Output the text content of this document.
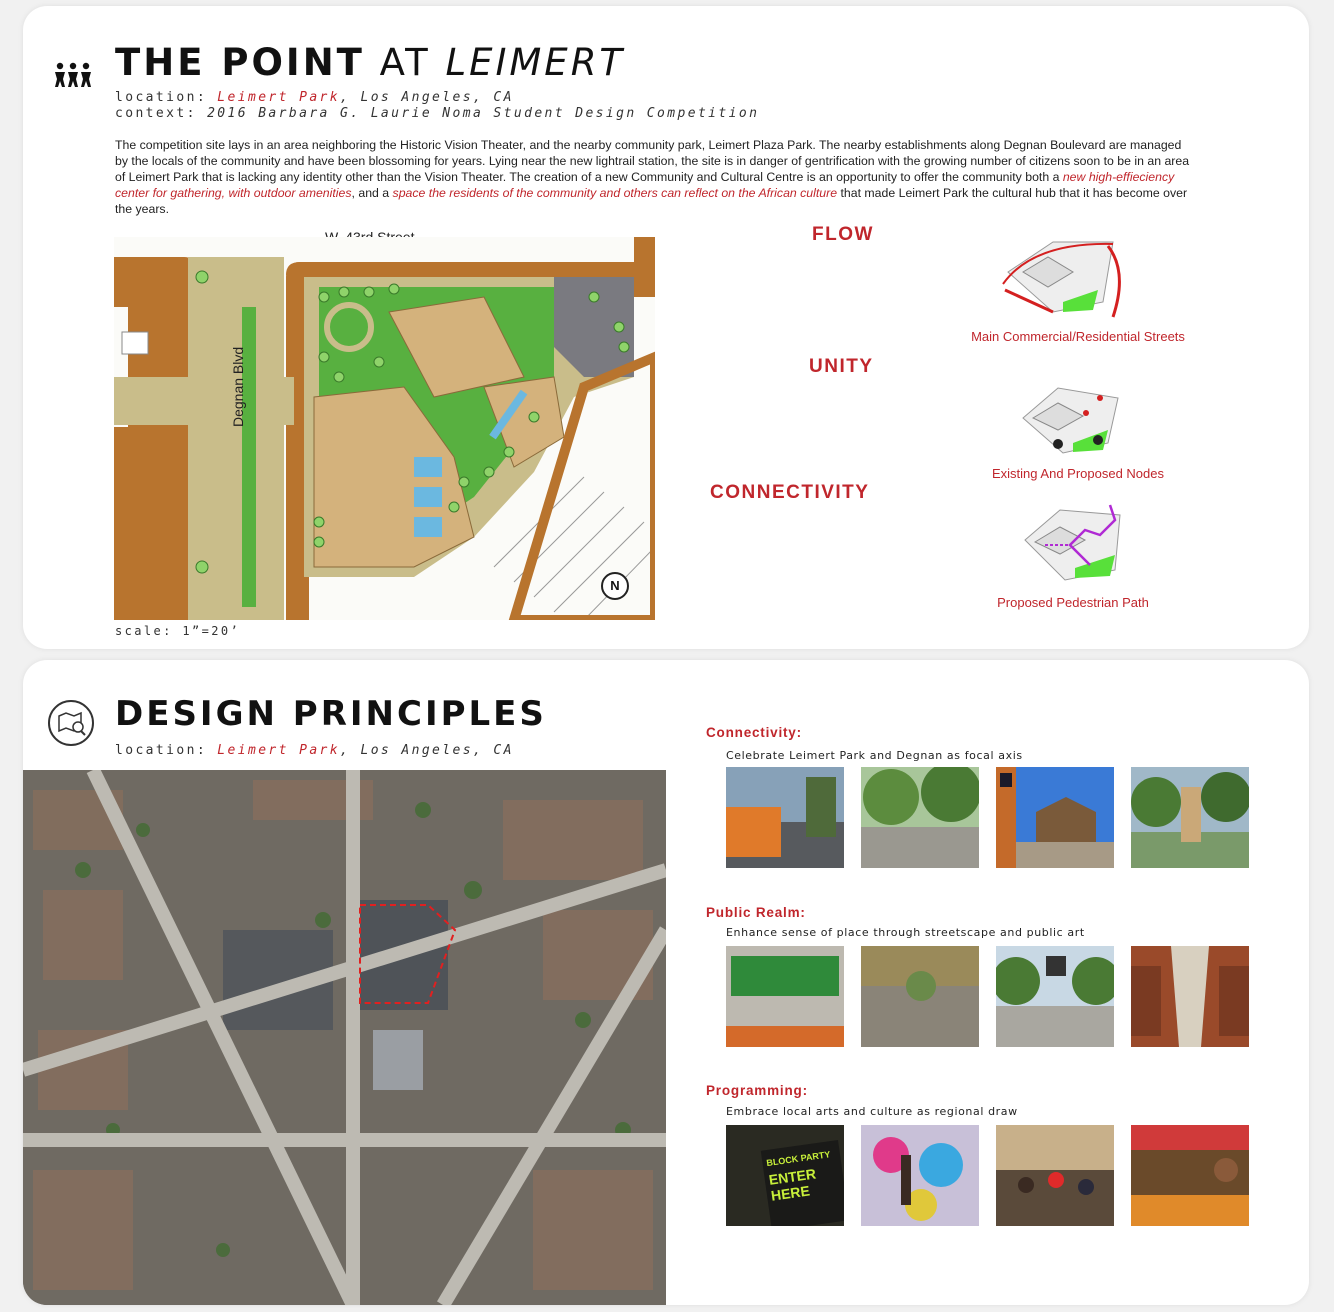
THE POINT AT LEIMERT
location: Leimert Park, Los Angeles, CA
context: 2016 Barbara G. Laurie Noma Student Design Competition
The competition site lays in an area neighboring the Historic Vision Theater, and the nearby community park, Leimert Plaza Park. The nearby establishments along Degnan Boulevard are managed by the locals of the community and have been blossoming for years. Lying near the new lightrail station, the site is in danger of gentrification with the growing number of citizens soon to be in an area of Leimert Park that is lacking any identity other than the Vision Theater. The creation of a new Community and Cultural Centre is an opportunity to offer the community both a new high-effieciency center for gathering, with outdoor amenities, and a space the residents of the community and others can reflect on the African culture that made Leimert Park the cultural hub that it has become over the years.
Degnan Blvd
N
scale: 1”=20’
FLOW
UNITY
CONNECTIVITY
Main Commercial/Residential Streets
Existing And Proposed Nodes
Proposed Pedestrian Path
DESIGN PRINCIPLES
location: Leimert Park, Los Angeles, CA
Connectivity:
Celebrate Leimert Park and Degnan as focal axis
Public Realm:
Enhance sense of place through streetscape and public art
Programming:
Embrace local arts and culture as regional draw
BLOCK PARTY
ENTER
HERE
